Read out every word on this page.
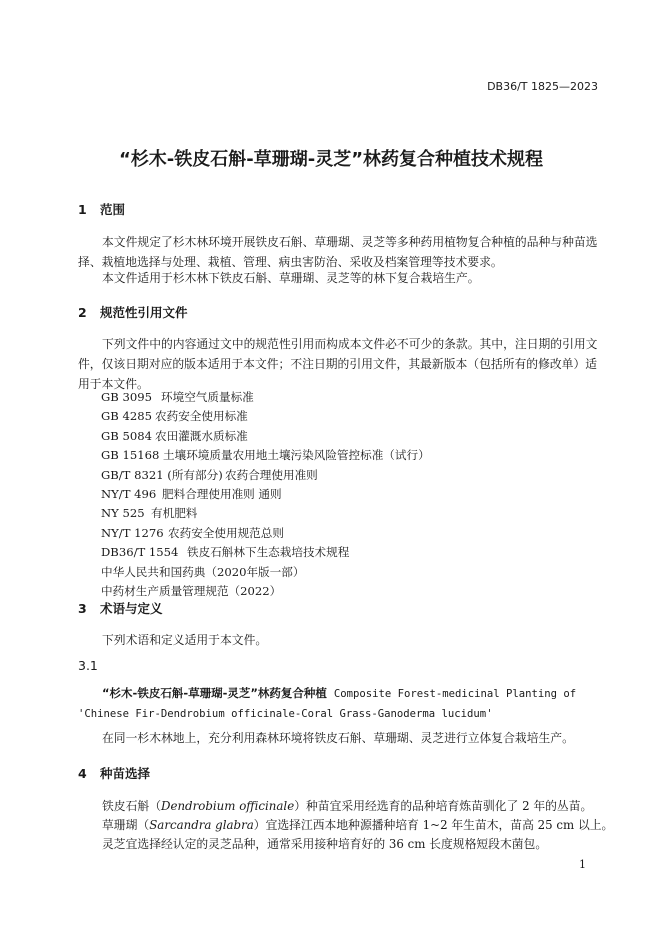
DB36/T 1825—2023
“杉木-铁皮石斛-草珊瑚-灵芝”林药复合种植技术规程
1 范围
本文件规定了杉木林环境开展铁皮石斛、草珊瑚、灵芝等多种药用植物复合种植的品种与种苗选择、栽植地选择与处理、栽植、管理、病虫害防治、采收及档案管理等技术要求。
本文件适用于杉木林下铁皮石斛、草珊瑚、灵芝等的林下复合栽培生产。
2 规范性引用文件
下列文件中的内容通过文中的规范性引用而构成本文件必不可少的条款。其中，注日期的引用文件，仅该日期对应的版本适用于本文件；不注日期的引用文件，其最新版本（包括所有的修改单）适用于本文件。
GB 3095 环境空气质量标准
GB 4285 农药安全使用标准
GB 5084 农田灌溉水质标准
GB 15168 土壤环境质量农用地土壤污染风险管控标准（试行）
GB/T 8321 (所有部分) 农药合理使用准则
NY/T 496 肥料合理使用准则 通则
NY 525 有机肥料
NY/T 1276 农药安全使用规范总则
DB36/T 1554 铁皮石斛林下生态栽培技术规程
中华人民共和国药典（2020年版一部）
中药材生产质量管理规范（2022）
3 术语与定义
下列术语和定义适用于本文件。
3.1
“杉木-铁皮石斛-草珊瑚-灵芝”林药复合种植 Composite Forest-medicinal Planting of
'Chinese Fir-Dendrobium officinale-Coral Grass-Ganoderma lucidum'
在同一杉木林地上，充分利用森林环境将铁皮石斛、草珊瑚、灵芝进行立体复合栽培生产。
4 种苗选择
铁皮石斛（Dendrobium officinale）种苗宜采用经选育的品种培育炼苗驯化了 2 年的丛苗。
草珊瑚（Sarcandra glabra）宜选择江西本地种源播种培育 1~2 年生苗木，苗高 25 cm 以上。
灵芝宜选择经认定的灵芝品种，通常采用接种培育好的 36 cm 长度规格短段木菌包。
1
